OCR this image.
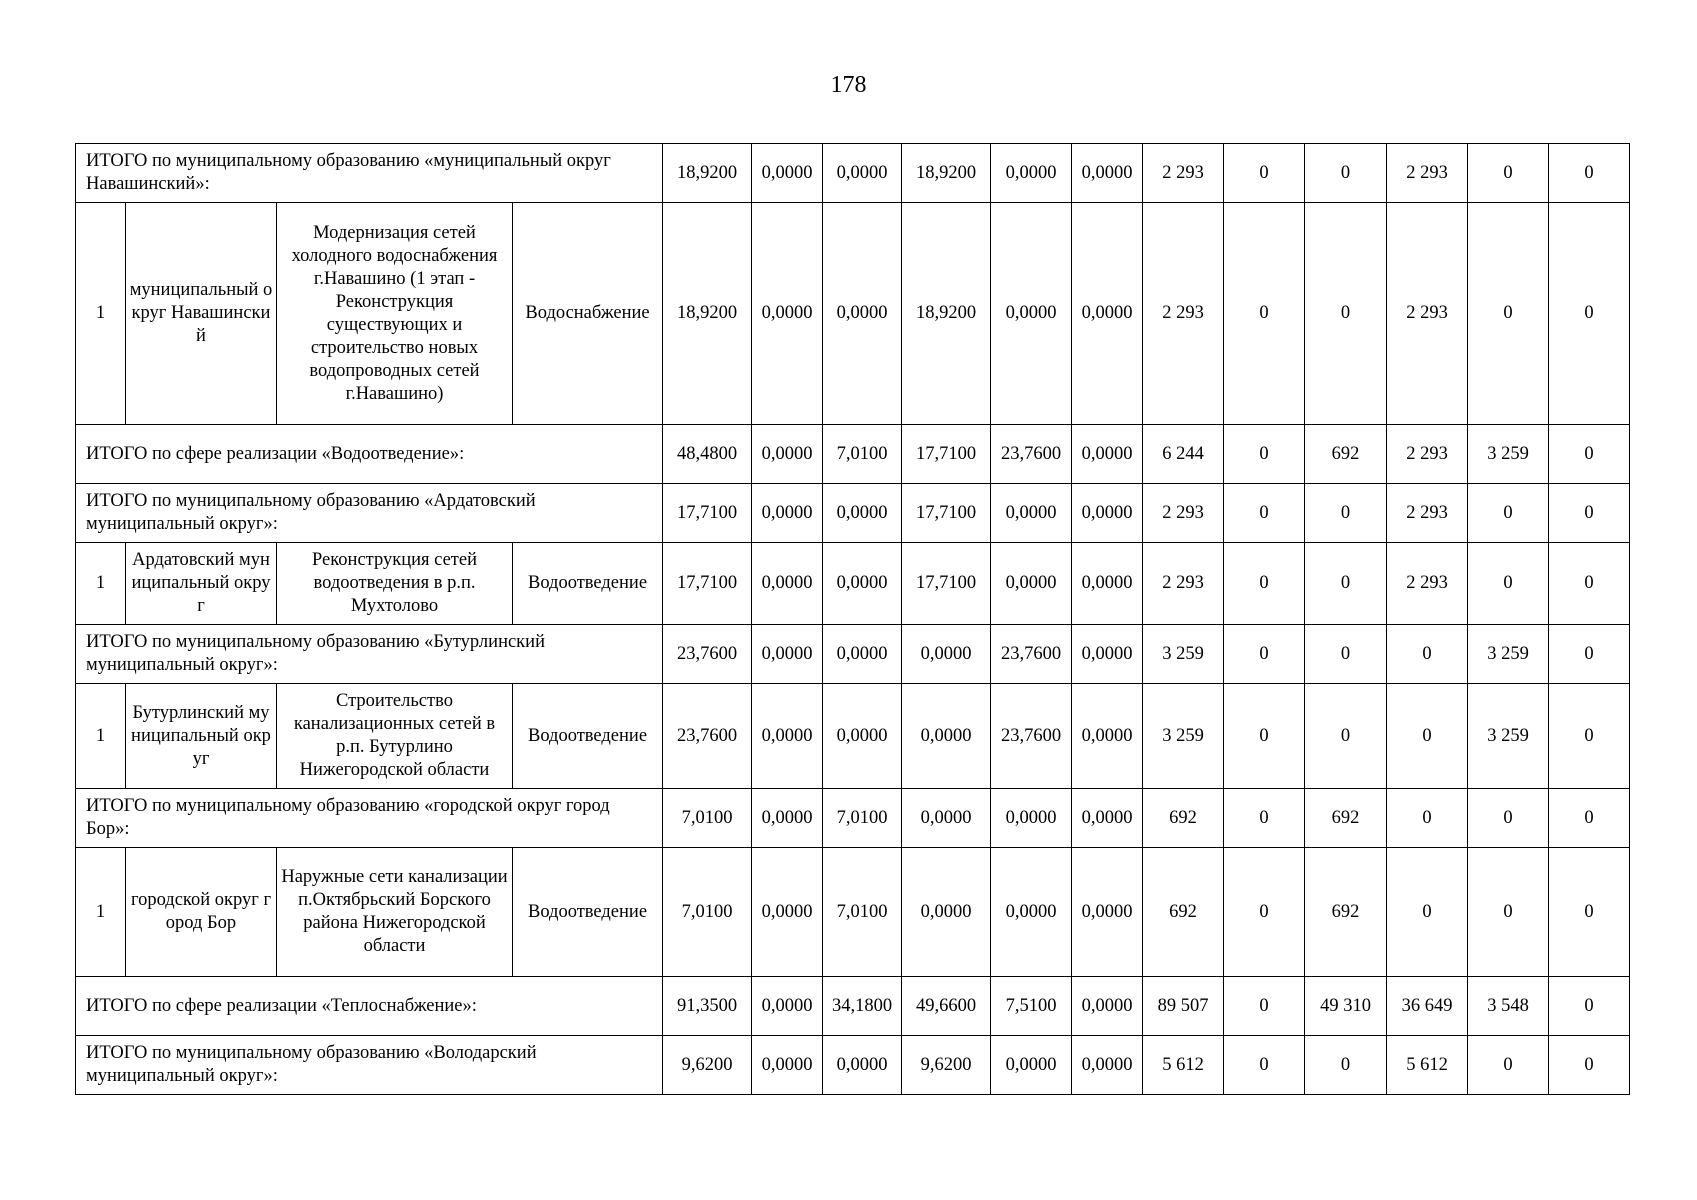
178
ИТОГО по муниципальному образованию «муниципальный округ Навашинский»:				18,9200	0,0000	0,0000	18,9200	0,0000	0,0000	2 293	0	0	2 293	0	0
1	муниципальный округ Навашинский	Модернизация сетей холодного водоснабжения г.Навашино (1 этап - Реконструкция существующих и строительство новых водопроводных сетей г.Навашино)	Водоснабжение	18,9200	0,0000	0,0000	18,9200	0,0000	0,0000	2 293	0	0	2 293	0	0
ИТОГО по сфере реализации «Водоотведение»:				48,4800	0,0000	7,0100	17,7100	23,7600	0,0000	6 244	0	692	2 293	3 259	0
ИТОГО по муниципальному образованию «Ардатовский муниципальный округ»:				17,7100	0,0000	0,0000	17,7100	0,0000	0,0000	2 293	0	0	2 293	0	0
1	Ардатовский муниципальный округ	Реконструкция сетей водоотведения в р.п. Мухтолово	Водоотведение	17,7100	0,0000	0,0000	17,7100	0,0000	0,0000	2 293	0	0	2 293	0	0
ИТОГО по муниципальному образованию «Бутурлинский муниципальный округ»:				23,7600	0,0000	0,0000	0,0000	23,7600	0,0000	3 259	0	0	0	3 259	0
1	Бутурлинский муниципальный округ	Строительство канализационных сетей в р.п. Бутурлино Нижегородской области	Водоотведение	23,7600	0,0000	0,0000	0,0000	23,7600	0,0000	3 259	0	0	0	3 259	0
ИТОГО по муниципальному образованию «городской округ город Бор»:				7,0100	0,0000	7,0100	0,0000	0,0000	0,0000	692	0	692	0	0	0
1	городской округ город Бор	Наружные сети канализации п.Октябрьский Борского района Нижегородской области	Водоотведение	7,0100	0,0000	7,0100	0,0000	0,0000	0,0000	692	0	692	0	0	0
ИТОГО по сфере реализации «Теплоснабжение»:				91,3500	0,0000	34,1800	49,6600	7,5100	0,0000	89 507	0	49 310	36 649	3 548	0
ИТОГО по муниципальному образованию «Володарский муниципальный округ»:				9,6200	0,0000	0,0000	9,6200	0,0000	0,0000	5 612	0	0	5 612	0	0
